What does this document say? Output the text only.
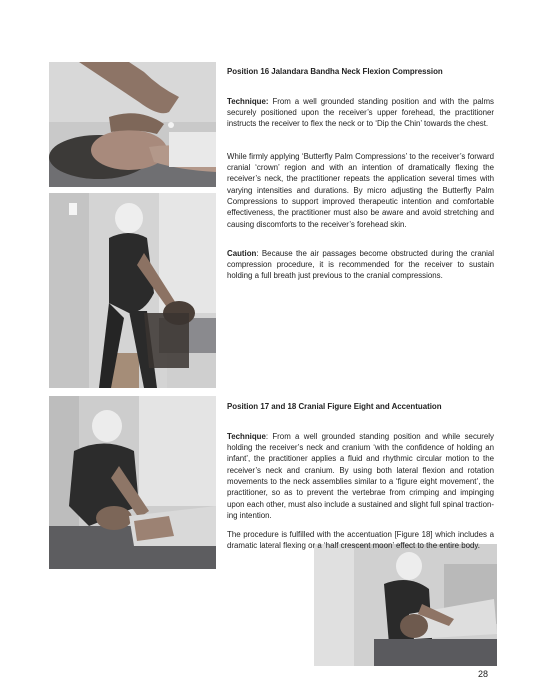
Position 16 Jalandara Bandha Neck Flexion Compression

Technique: From a well grounded standing position and with the palms securely positioned upon the receiver’s upper forehead, the practitioner instructs the receiver to flex the neck or to ‘Dip the Chin’ towards the chest.

While firmly applying ‘Butterfly Palm Compressions’ to the receiver’s forward cranial ‘crown’ region and with an intention of dramatically flexing the receiver’s neck, the practitioner repeats the application several times with varying intensities and durations. By micro adjusting the Butterfly Palm Compressions to support improved therapeutic intention and comfortable effectiveness, the practitioner must also be aware and avoid stretching and causing discomforts to the receiver’s forehead skin.

Caution: Because the air passages become obstructed during the cranial compression procedure, it is recommended for the receiver to sustain holding a full breath just previous to the cranial compressions.

Position 17 and 18 Cranial Figure Eight and Accentuation

Technique: From a well grounded standing position and while securely holding the receiver’s neck and cranium ‘with the confidence of holding an infant’, the practitioner applies a fluid and rhythmic circular motion to the receiver’s neck and cranium. By using both lateral flexion and rotation movements to the neck assemblies similar to a ‘figure eight movement’, the practitioner, so as to prevent the vertebrae from crimping and impinging upon each other, must also include a sustained and slight full spinal traction-ing intention.

The procedure is fulfilled with the accentuation [Figure 18] which includes a dramatic lateral flexing or a ‘half crescent moon’ effect to the entire body.

28
